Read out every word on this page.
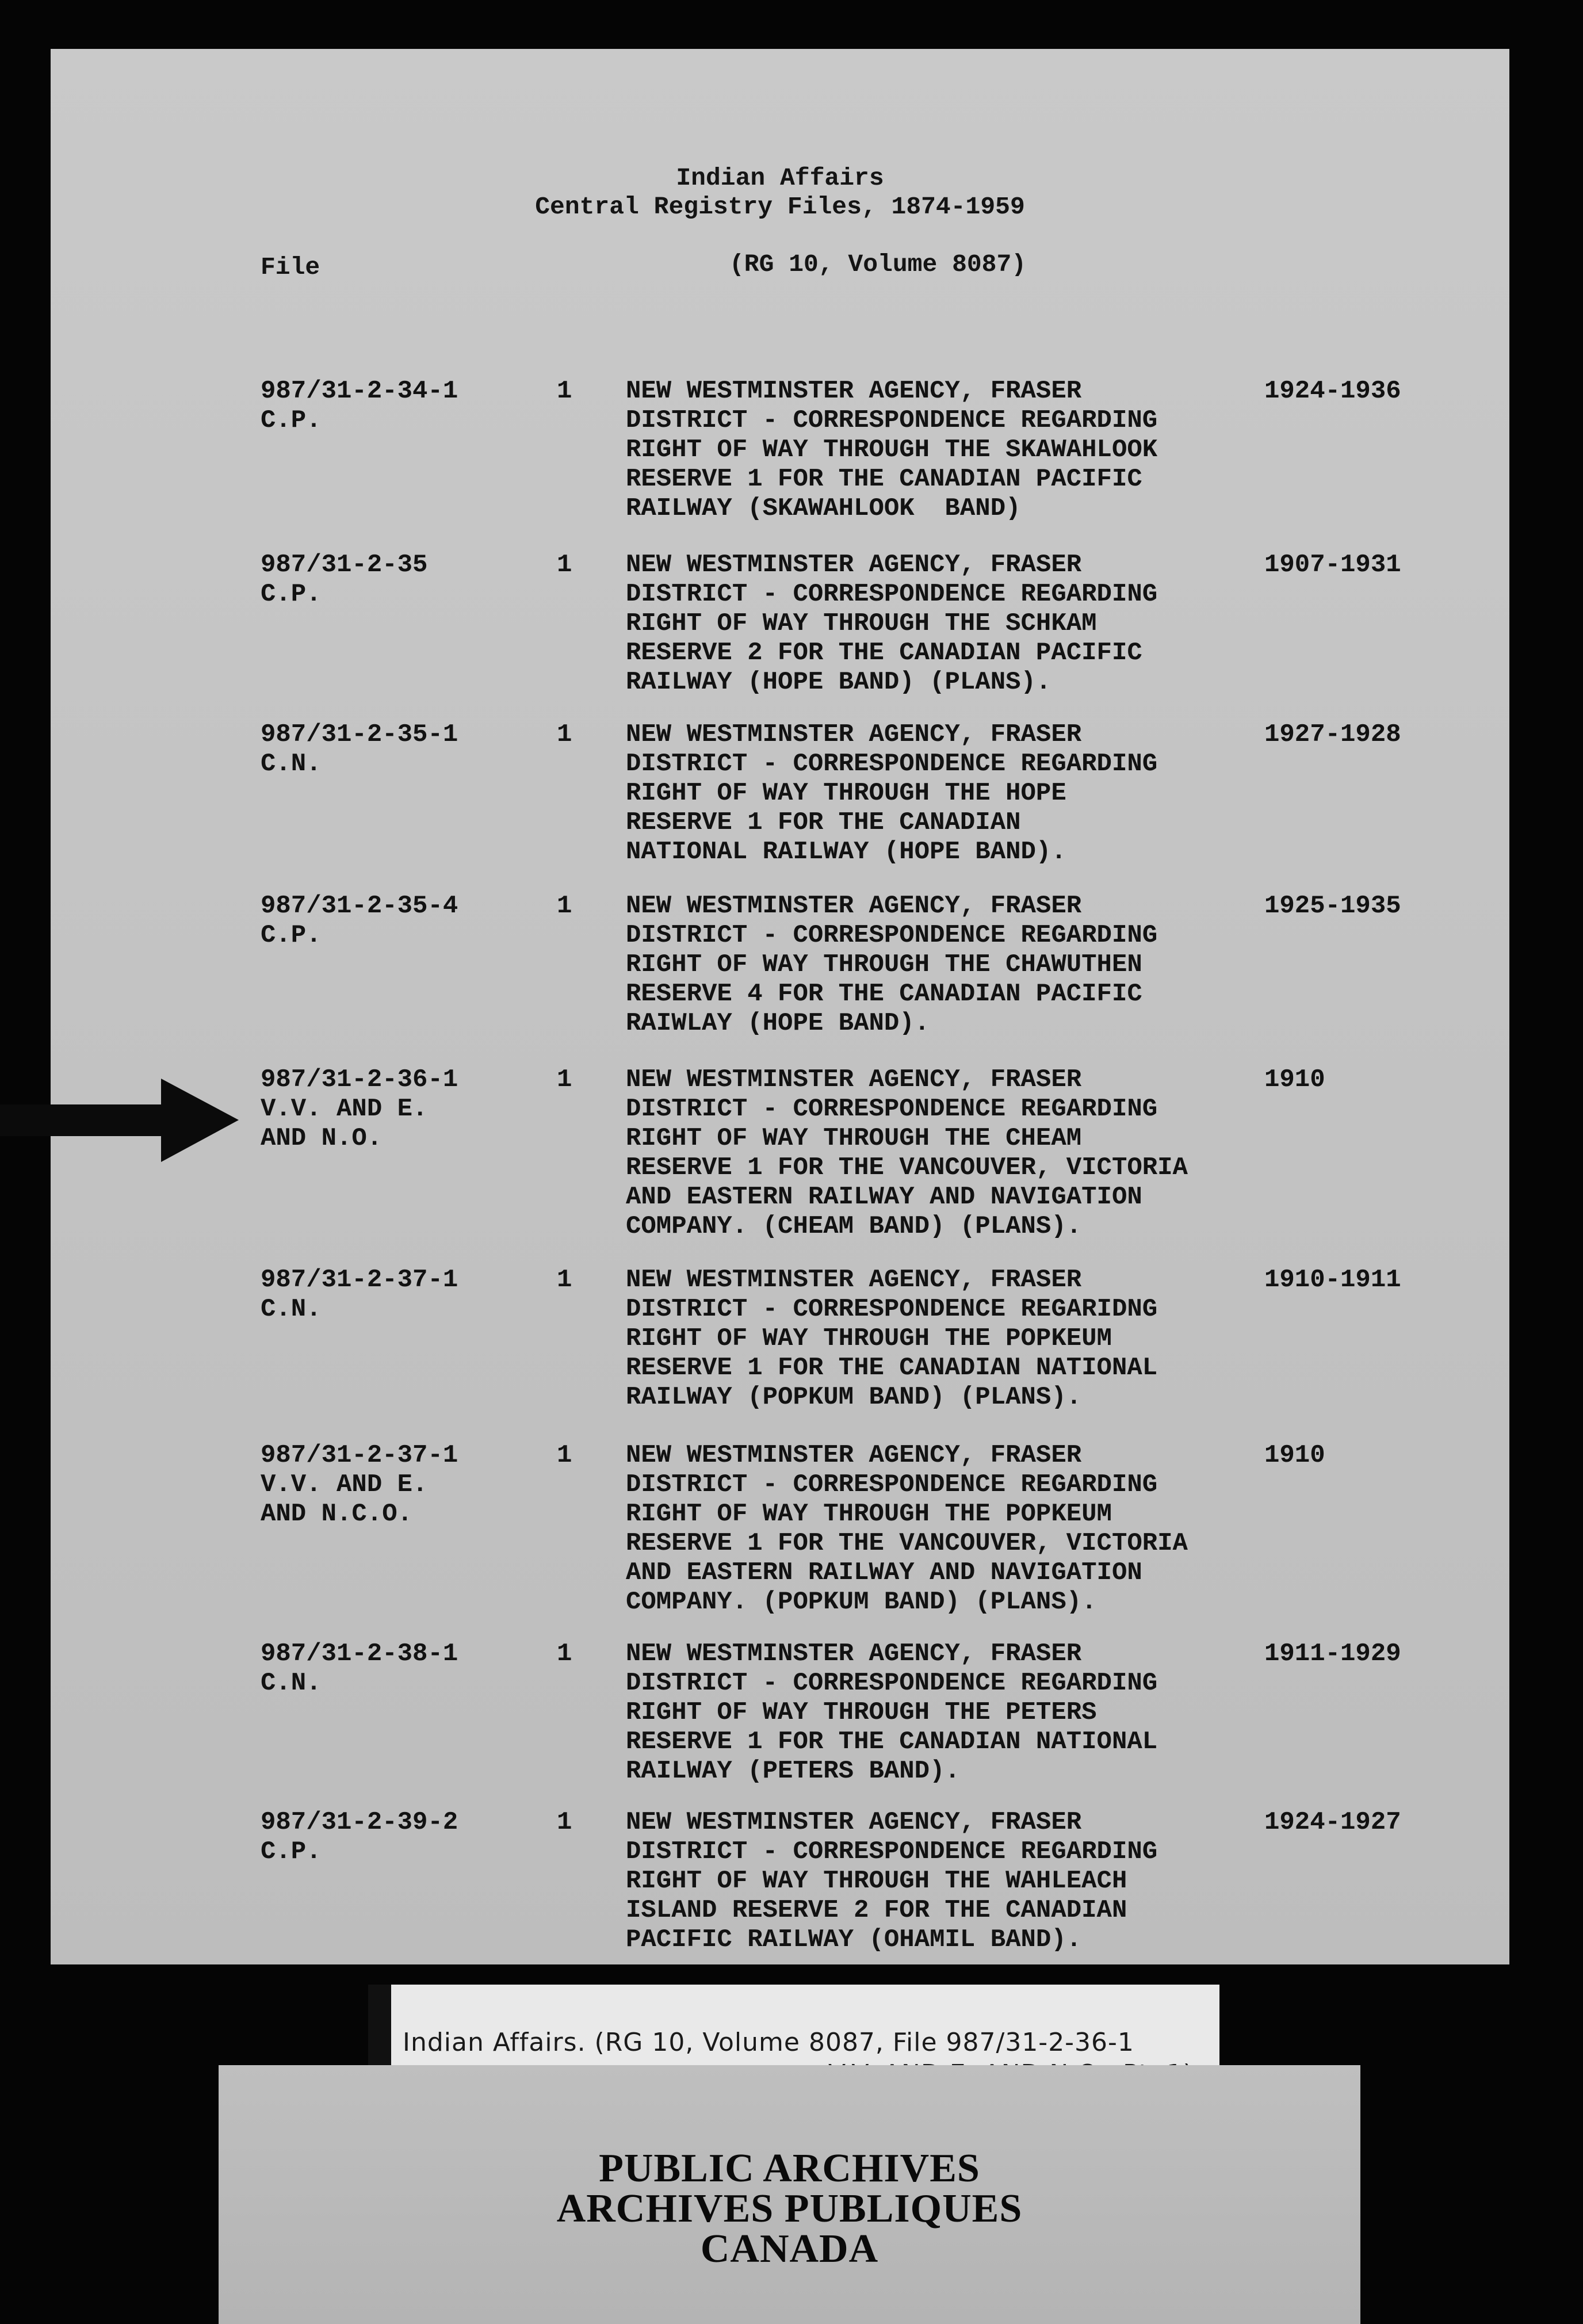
Indian Affairs
Central Registry Files, 1874-1959
File	(RG 10, Volume 8087)
987/31-2-34-1
C.P.
1 NEW WESTMINSTER AGENCY, FRASER
DISTRICT - CORRESPONDENCE REGARDING
RIGHT OF WAY THROUGH THE SKAWAHLOOK
RESERVE 1 FOR THE CANADIAN PACIFIC
RAILWAY (SKAWAHLOOK  BAND)
1924-1936
987/31-2-35
C.P.
1 NEW WESTMINSTER AGENCY, FRASER
DISTRICT - CORRESPONDENCE REGARDING
RIGHT OF WAY THROUGH THE SCHKAM
RESERVE 2 FOR THE CANADIAN PACIFIC
RAILWAY (HOPE BAND) (PLANS).
1907-1931
987/31-2-35-1
C.N.
1 NEW WESTMINSTER AGENCY, FRASER
DISTRICT - CORRESPONDENCE REGARDING
RIGHT OF WAY THROUGH THE HOPE
RESERVE 1 FOR THE CANADIAN
NATIONAL RAILWAY (HOPE BAND).
1927-1928
987/31-2-35-4
C.P.
1 NEW WESTMINSTER AGENCY, FRASER
DISTRICT - CORRESPONDENCE REGARDING
RIGHT OF WAY THROUGH THE CHAWUTHEN
RESERVE 4 FOR THE CANADIAN PACIFIC
RAIWLAY (HOPE BAND).
1925-1935
987/31-2-36-1
V.V. AND E.
AND N.O.
1 NEW WESTMINSTER AGENCY, FRASER
DISTRICT - CORRESPONDENCE REGARDING
RIGHT OF WAY THROUGH THE CHEAM
RESERVE 1 FOR THE VANCOUVER, VICTORIA
AND EASTERN RAILWAY AND NAVIGATION
COMPANY. (CHEAM BAND) (PLANS).
1910
987/31-2-37-1
C.N.
1 NEW WESTMINSTER AGENCY, FRASER
DISTRICT - CORRESPONDENCE REGARIDNG
RIGHT OF WAY THROUGH THE POPKEUM
RESERVE 1 FOR THE CANADIAN NATIONAL
RAILWAY (POPKUM BAND) (PLANS).
1910-1911
987/31-2-37-1
V.V. AND E.
AND N.C.O.
1 NEW WESTMINSTER AGENCY, FRASER
DISTRICT - CORRESPONDENCE REGARDING
RIGHT OF WAY THROUGH THE POPKEUM
RESERVE 1 FOR THE VANCOUVER, VICTORIA
AND EASTERN RAILWAY AND NAVIGATION
COMPANY. (POPKUM BAND) (PLANS).
1910
987/31-2-38-1
C.N.
1 NEW WESTMINSTER AGENCY, FRASER
DISTRICT - CORRESPONDENCE REGARDING
RIGHT OF WAY THROUGH THE PETERS
RESERVE 1 FOR THE CANADIAN NATIONAL
RAILWAY (PETERS BAND).
1911-1929
987/31-2-39-2
C.P.
1 NEW WESTMINSTER AGENCY, FRASER
DISTRICT - CORRESPONDENCE REGARDING
RIGHT OF WAY THROUGH THE WAHLEACH
ISLAND RESERVE 2 FOR THE CANADIAN
PACIFIC RAILWAY (OHAMIL BAND).
1924-1927
Indian Affairs. (RG 10, Volume 8087, File 987/31-2-36-1
PUBLIC ARCHIVES
ARCHIVES PUBLIQUES
CANADA
